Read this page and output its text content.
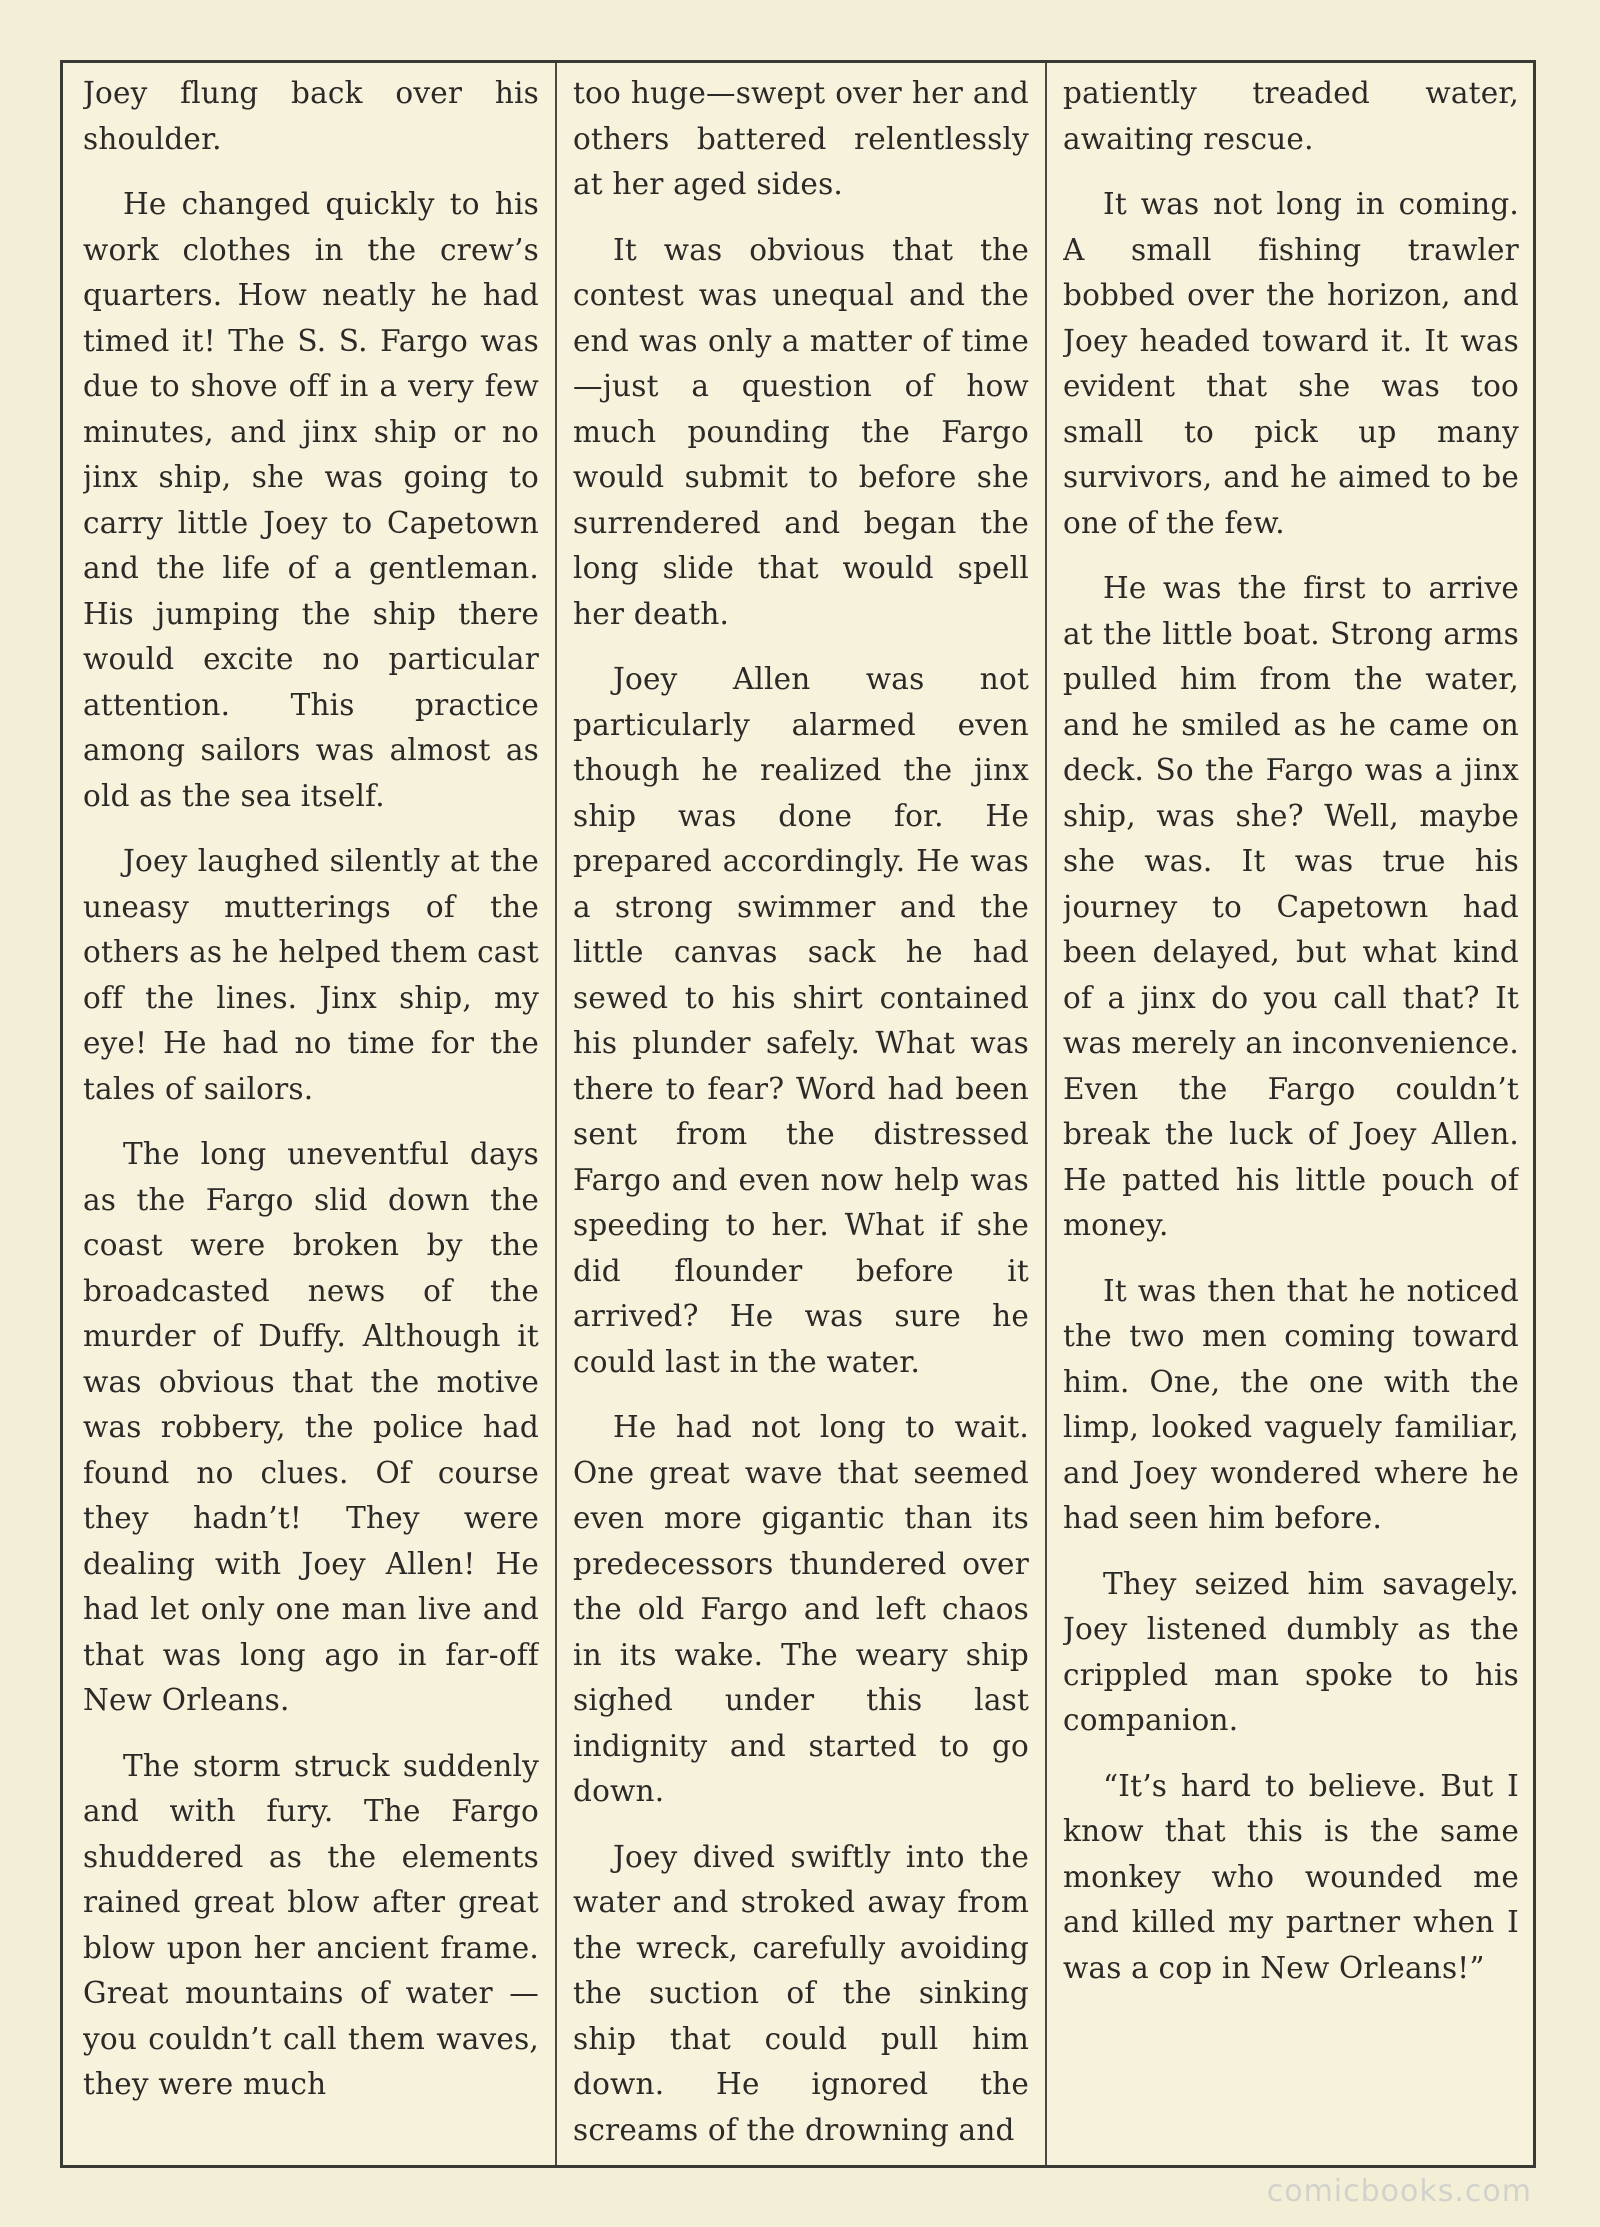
Joey flung back over his shoulder.

He changed quickly to his work clothes in the crew’s quarters. How neatly he had timed it! The S. S. Fargo was due to shove off in a very few minutes, and jinx ship or no jinx ship, she was going to carry little Joey to Capetown and the life of a gentleman. His jumping the ship there would excite no particular attention. This practice among sailors was almost as old as the sea itself.

Joey laughed silently at the uneasy mutterings of the others as he helped them cast off the lines. Jinx ship, my eye! He had no time for the tales of sailors.

The long uneventful days as the Fargo slid down the coast were broken by the broadcasted news of the murder of Duffy. Although it was obvious that the motive was robbery, the police had found no clues. Of course they hadn’t! They were dealing with Joey Allen! He had let only one man live and that was long ago in far-off New Orleans.

The storm struck suddenly and with fury. The Fargo shuddered as the elements rained great blow after great blow upon her ancient frame. Great mountains of water — you couldn’t call them waves, they were much

too huge—swept over her and others battered relentlessly at her aged sides.

It was obvious that the contest was unequal and the end was only a matter of time—just a question of how much pounding the Fargo would submit to before she surrendered and began the long slide that would spell her death.

Joey Allen was not particularly alarmed even though he realized the jinx ship was done for. He prepared accordingly. He was a strong swimmer and the little canvas sack he had sewed to his shirt contained his plunder safely. What was there to fear? Word had been sent from the distressed Fargo and even now help was speeding to her. What if she did flounder before it arrived? He was sure he could last in the water.

He had not long to wait. One great wave that seemed even more gigantic than its predecessors thundered over the old Fargo and left chaos in its wake. The weary ship sighed under this last indignity and started to go down.

Joey dived swiftly into the water and stroked away from the wreck, carefully avoiding the suction of the sinking ship that could pull him down. He ignored the screams of the drowning and

patiently treaded water, awaiting rescue.

It was not long in coming. A small fishing trawler bobbed over the horizon, and Joey headed toward it. It was evident that she was too small to pick up many survivors, and he aimed to be one of the few.

He was the first to arrive at the little boat. Strong arms pulled him from the water, and he smiled as he came on deck. So the Fargo was a jinx ship, was she? Well, maybe she was. It was true his journey to Capetown had been delayed, but what kind of a jinx do you call that? It was merely an inconvenience. Even the Fargo couldn’t break the luck of Joey Allen. He patted his little pouch of money.

It was then that he noticed the two men coming toward him. One, the one with the limp, looked vaguely familiar, and Joey wondered where he had seen him before.

They seized him savagely. Joey listened dumbly as the crippled man spoke to his companion.

“It’s hard to believe. But I know that this is the same monkey who wounded me and killed my partner when I was a cop in New Orleans!”

comicbooks.com
